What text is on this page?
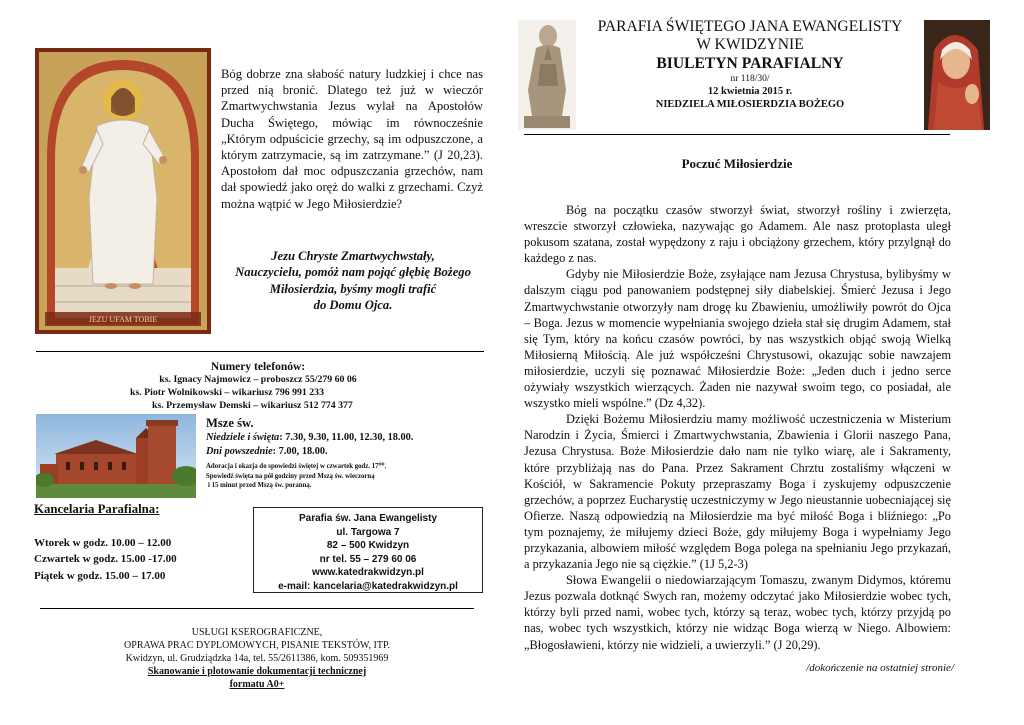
JEZU UFAM TOBIE
Bóg dobrze zna słabość natury ludzkiej i chce nas przed nią bronić. Dlatego też już w wieczór Zmartwychwstania Jezus wylał na Apostołów Ducha Świętego, mówiąc im równocześnie „Którym odpuścicie grzechy, są im odpuszczone, a którym zatrzymacie, są im zatrzymane.” (J 20,23). Apostołom dał moc odpuszczania grzechów, nam dał spowiedź jako oręż do walki z grzechami. Czyż można wątpić w Jego Miłosierdzie?
Jezu Chryste Zmartwychwstały,
Nauczycielu, pomóż nam pojąć głębię Bożego
Miłosierdzia, byśmy mogli trafić
do Domu Ojca.
Numery telefonów:
ks. Ignacy Najmowicz – proboszcz 55/279 60 06
ks. Piotr Wolnikowski – wikariusz 796 991 233
ks. Przemysław Demski – wikariusz 512 774 377
Msze św.
Niedziele i święta: 7.30, 9.30, 11.00, 12.30, 18.00.
Dni powszednie: 7.00, 18.00.
Adoracja i okazja do spowiedzi świętej w czwartek godz. 17⁰⁰.
Spowiedź święta na pół godziny przed Mszą św. wieczorną
i 15 minut przed Mszą św. poranną.
Kancelaria Parafialna:
Wtorek w godz. 10.00 – 12.00
Czwartek w godz. 15.00 -17.00
Piątek w godz. 15.00 – 17.00
Parafia św. Jana Ewangelisty
ul. Targowa 7
82 – 500 Kwidzyn
nr tel. 55 – 279 60 06
www.katedrakwidzyn.pl
e-mail: kancelaria@katedrakwidzyn.pl
USŁUGI KSEROGRAFICZNE,
OPRAWA PRAC DYPLOMOWYCH, PISANIE TEKSTÓW, ITP.
Kwidzyn, ul. Grudziądzka 14a, tel. 55/2611386, kom. 509351969
Skanowanie i plotowanie dokumentacji technicznej
formatu A0+
PARAFIA ŚWIĘTEGO JANA EWANGELISTY
W KWIDZYNIE
BIULETYN PARAFIALNY
nr 118/30/
12 kwietnia 2015 r.
NIEDZIELA MIŁOSIERDZIA BOŻEGO
Poczuć Miłosierdzie

Bóg na początku czasów stworzył świat, stworzył rośliny i zwierzęta, wreszcie stworzył człowieka, nazywając go Adamem. Ale nasz protoplasta uległ pokusom szatana, został wypędzony z raju i obciążony grzechem, który przylgnął do każdego z nas.

Gdyby nie Miłosierdzie Boże, zsyłające nam Jezusa Chrystusa, bylibyśmy w dalszym ciągu pod panowaniem podstępnej siły diabelskiej. Śmierć Jezusa i Jego Zmartwychwstanie otworzyły nam drogę ku Zbawieniu, umożliwiły powrót do Ojca – Boga. Jezus w momencie wypełniania swojego dzieła stał się drugim Adamem, stał się Tym, który na końcu czasów powróci, by nas wszystkich objąć swoją Wielką Miłosierną Miłością. Ale już współcześni Chrystusowi, okazując sobie nawzajem miłosierdzie, uczyli się poznawać Miłosierdzie Boże: „Jeden duch i jedno serce ożywiały wszystkich wierzących. Żaden nie nazywał swoim tego, co posiadał, ale wszystko mieli wspólne.” (Dz 4,32).

Dzięki Bożemu Miłosierdziu mamy możliwość uczestniczenia w Misterium Narodzin i Życia, Śmierci i Zmartwychwstania, Zbawienia i Glorii naszego Pana, Jezusa Chrystusa. Boże Miłosierdzie dało nam nie tylko wiarę, ale i Sakramenty, które przybliżają nas do Pana. Przez Sakrament Chrztu zostaliśmy włączeni w Kościół, w Sakramencie Pokuty przepraszamy Boga i zyskujemy odpuszczenie grzechów, a poprzez Eucharystię uczestniczymy w Jego nieustannie uobecniającej się Ofierze. Naszą odpowiedzią na Miłosierdzie ma być miłość Boga i bliźniego: „Po tym poznajemy, że miłujemy dzieci Boże, gdy miłujemy Boga i wypełniamy Jego przykazania, albowiem miłość względem Boga polega na spełnianiu Jego przykazań, a przykazania Jego nie są ciężkie.” (1J 5,2-3)

Słowa Ewangelii o niedowiarzającym Tomaszu, zwanym Didymos, któremu Jezus pozwala dotknąć Swych ran, możemy odczytać jako Miłosierdzie wobec tych, którzy byli przed nami, wobec tych, którzy są teraz, wobec tych, którzy przyjdą po nas, wobec tych wszystkich, którzy nie widząc Boga wierzą w Niego. Albowiem: „Błogosławieni, którzy nie widzieli, a uwierzyli.” (J 20,29).

/dokończenie na ostatniej stronie/
